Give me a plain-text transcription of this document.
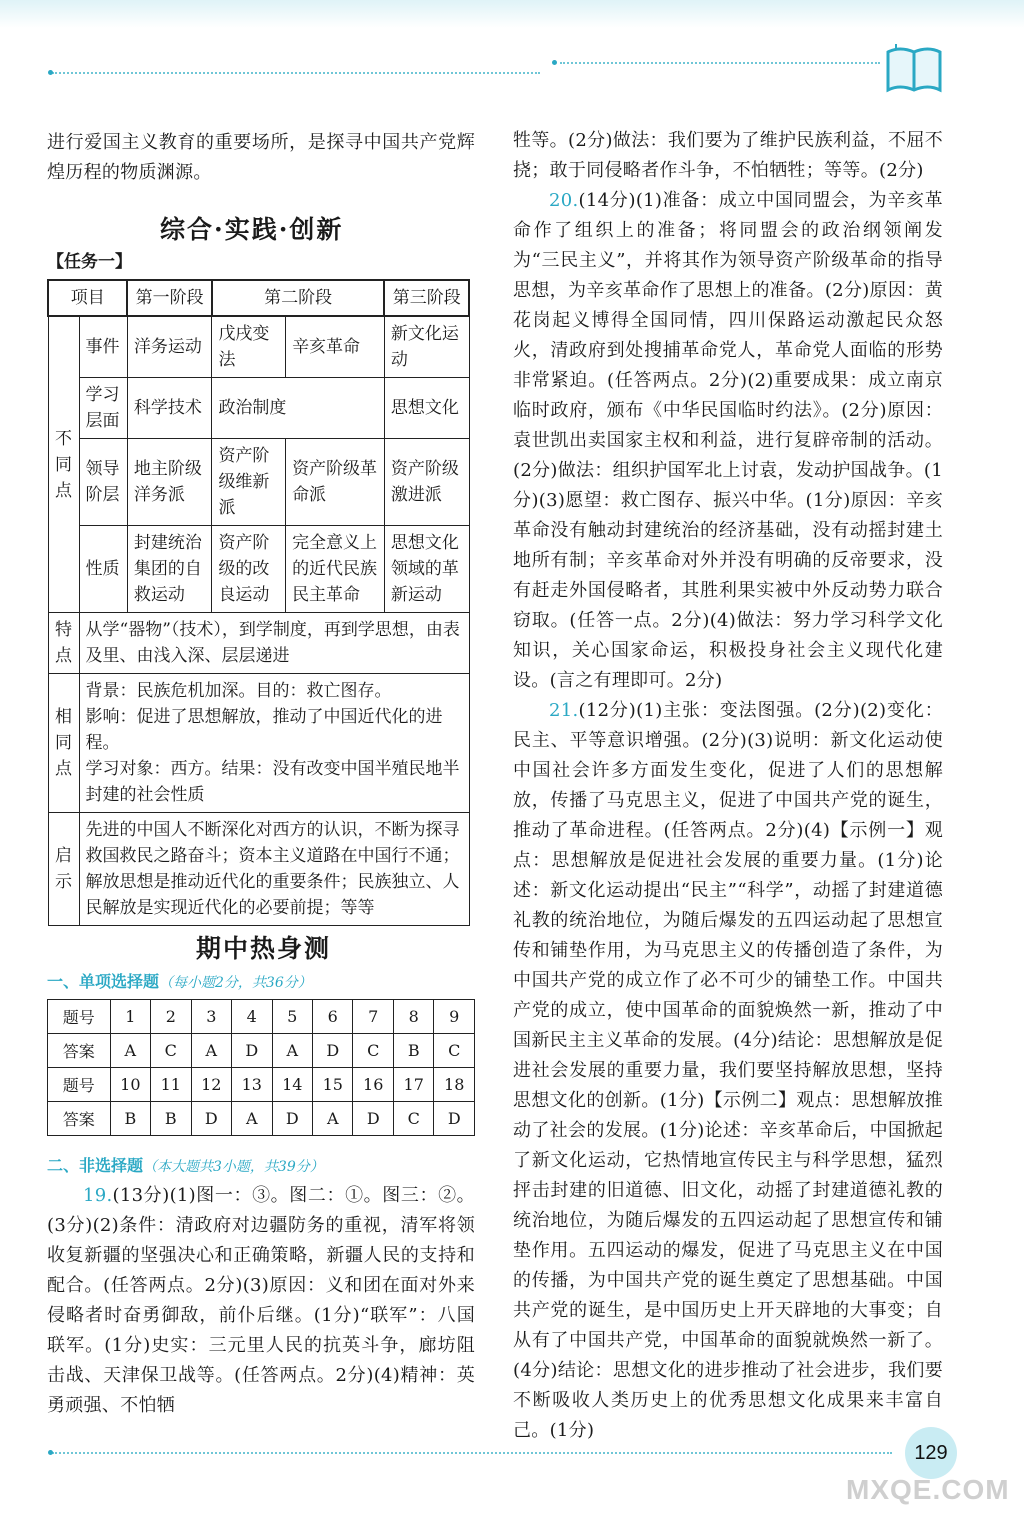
进行爱国主义教育的重要场所，是探寻中国共产党辉煌历程的物质渊源。

综合·实践·创新
【任务一】
项目		第一阶段	第二阶段		第三阶段
不同点	事件	洋务运动	戊戌变法	辛亥革命	新文化运动
	学习层面	科学技术	政治制度		思想文化
	领导阶层	地主阶级洋务派	资产阶级维新派	资产阶级革命派	资产阶级激进派
	性质	封建统治集团的自救运动	资产阶级的改良运动	完全意义上的近代民族民主革命	思想文化领域的革新运动
特点	从学“器物”（技术），到学制度，再到学思想，由表及里、由浅入深、层层递进				
相同点	背景：民族危机加深。目的：救亡图存。
影响：促进了思想解放，推动了中国近代化的进程。
学习对象：西方。结果：没有改变中国半殖民地半封建的社会性质				

启示	先进的中国人不断深化对西方的认识，不断为探寻救国救民之路奋斗；资本主义道路在中国行不通；解放思想是推动近代化的重要条件；民族独立、人民解放是实现近代化的必要前提；等等				
期中热身测
一、单项选择题（每小题2分，共36分）
题号	1	2	3	4	5	6	7	8	9
答案	A	C	A	D	A	D	C	B	C
题号	10	11	12	13	14	15	16	17	18
答案	B	B	D	A	D	A	D	C	D
二、非选择题（本大题共3小题，共39分）

19.(13分)(1)图一：③。图二：①。图三：②。(3分)(2)条件：清政府对边疆防务的重视，清军将领收复新疆的坚强决心和正确策略，新疆人民的支持和配合。(任答两点。2分)(3)原因：义和团在面对外来侵略者时奋勇御敌，前仆后继。(1分)“联军”：八国联军。(1分)史实：三元里人民的抗英斗争，廊坊阻击战、天津保卫战等。(任答两点。2分)(4)精神：英勇顽强、不怕牺

牲等。(2分)做法：我们要为了维护民族利益，不屈不挠；敢于同侵略者作斗争，不怕牺牲；等等。(2分)

20.(14分)(1)准备：成立中国同盟会，为辛亥革命作了组织上的准备；将同盟会的政治纲领阐发为“三民主义”，并将其作为领导资产阶级革命的指导思想，为辛亥革命作了思想上的准备。(2分)原因：黄花岗起义博得全国同情，四川保路运动激起民众怒火，清政府到处搜捕革命党人，革命党人面临的形势非常紧迫。(任答两点。2分)(2)重要成果：成立南京临时政府，颁布《中华民国临时约法》。(2分)原因：袁世凯出卖国家主权和利益，进行复辟帝制的活动。(2分)做法：组织护国军北上讨袁，发动护国战争。(1分)(3)愿望：救亡图存、振兴中华。(1分)原因：辛亥革命没有触动封建统治的经济基础，没有动摇封建土地所有制；辛亥革命对外并没有明确的反帝要求，没有赶走外国侵略者，其胜利果实被中外反动势力联合窃取。(任答一点。2分)(4)做法：努力学习科学文化知识，关心国家命运，积极投身社会主义现代化建设。(言之有理即可。2分)

21.(12分)(1)主张：变法图强。(2分)(2)变化：民主、平等意识增强。(2分)(3)说明：新文化运动使中国社会许多方面发生变化，促进了人们的思想解放，传播了马克思主义，促进了中国共产党的诞生，推动了革命进程。(任答两点。2分)(4)【示例一】观点：思想解放是促进社会发展的重要力量。(1分)论述：新文化运动提出“民主”“科学”，动摇了封建道德礼教的统治地位，为随后爆发的五四运动起了思想宣传和铺垫作用，为马克思主义的传播创造了条件，为中国共产党的成立作了必不可少的铺垫工作。中国共产党的成立，使中国革命的面貌焕然一新，推动了中国新民主主义革命的发展。(4分)结论：思想解放是促进社会发展的重要力量，我们要坚持解放思想，坚持思想文化的创新。(1分)【示例二】观点：思想解放推动了社会的发展。(1分)论述：辛亥革命后，中国掀起了新文化运动，它热情地宣传民主与科学思想，猛烈抨击封建的旧道德、旧文化，动摇了封建道德礼教的统治地位，为随后爆发的五四运动起了思想宣传和铺垫作用。五四运动的爆发，促进了马克思主义在中国的传播，为中国共产党的诞生奠定了思想基础。中国共产党的诞生，是中国历史上开天辟地的大事变；自从有了中国共产党，中国革命的面貌就焕然一新了。(4分)结论：思想文化的进步推动了社会进步，我们要不断吸收人类历史上的优秀思想文化成果来丰富自己。(1分)

129
MXQE.COM
